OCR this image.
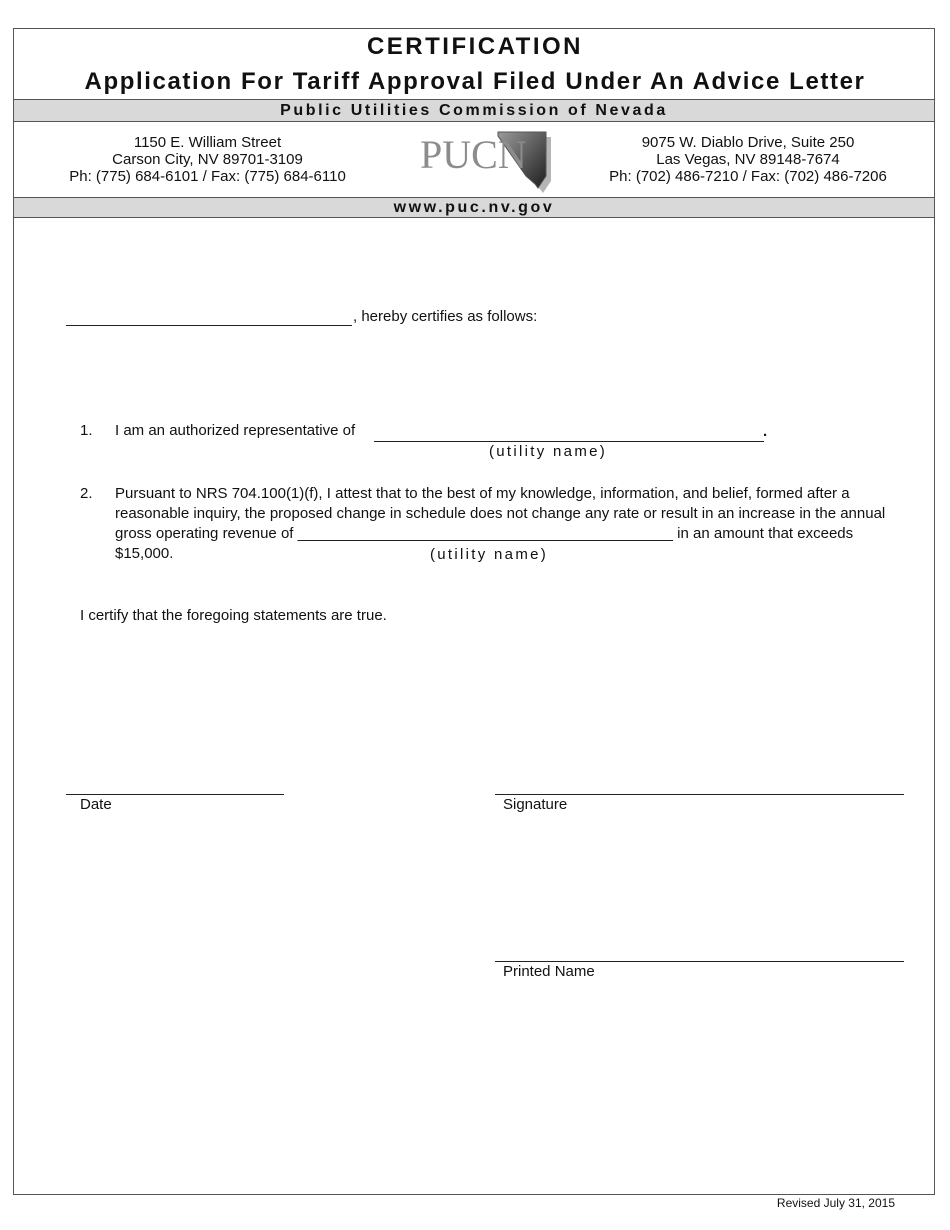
CERTIFICATION
Application For Tariff Approval Filed Under An Advice Letter
Public Utilities Commission of Nevada
1150 E. William Street
Carson City, NV 89701-3109
Ph: (775) 684-6101 / Fax: (775) 684-6110	PUCN	9075 W. Diablo Drive, Suite 250
Las Vegas, NV 89148-7674
Ph: (702) 486-7210 / Fax: (702) 486-7206
www.puc.nv.gov
, hereby certifies as follows:
1. I am an authorized representative of	.
(utility name)
2. Pursuant to NRS 704.100(1)(f), I attest that to the best of my knowledge, information, and belief, formed after a
reasonable inquiry, the proposed change in schedule does not change any rate or result in an increase in the annual
gross operating revenue of _____________________________________________ in an amount that exceeds
$15,000.	(utility name)
I certify that the foregoing statements are true.
Date	Signature
Printed Name
Revised July 31, 2015
